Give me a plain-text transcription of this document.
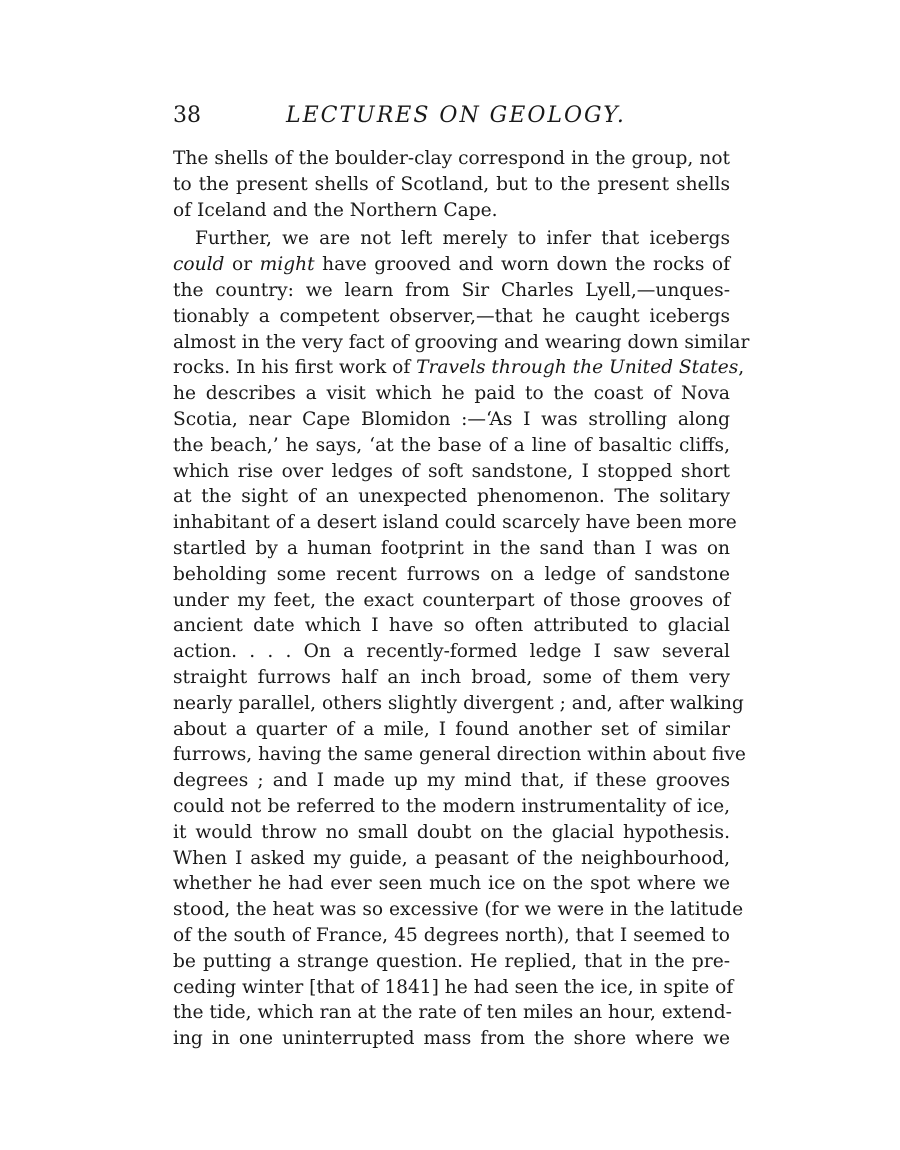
38	LECTURES ON GEOLOGY.
The shells of the boulder-clay correspond in the group, not
to the present shells of Scotland, but to the present shells
of Iceland and the Northern Cape.
Further, we are not left merely to infer that icebergs
could or might have grooved and worn down the rocks of
the country: we learn from Sir Charles Lyell,—unques-
tionably a competent observer,—that he caught icebergs
almost in the very fact of grooving and wearing down similar
rocks. In his first work of Travels through the United States,
he describes a visit which he paid to the coast of Nova
Scotia, near Cape Blomidon :—‘As I was strolling along
the beach,’ he says, ‘at the base of a line of basaltic cliffs,
which rise over ledges of soft sandstone, I stopped short
at the sight of an unexpected phenomenon. The solitary
inhabitant of a desert island could scarcely have been more
startled by a human footprint in the sand than I was on
beholding some recent furrows on a ledge of sandstone
under my feet, the exact counterpart of those grooves of
ancient date which I have so often attributed to glacial
action. . . . On a recently-formed ledge I saw several
straight furrows half an inch broad, some of them very
nearly parallel, others slightly divergent ; and, after walking
about a quarter of a mile, I found another set of similar
furrows, having the same general direction within about five
degrees ; and I made up my mind that, if these grooves
could not be referred to the modern instrumentality of ice,
it would throw no small doubt on the glacial hypothesis.
When I asked my guide, a peasant of the neighbourhood,
whether he had ever seen much ice on the spot where we
stood, the heat was so excessive (for we were in the latitude
of the south of France, 45 degrees north), that I seemed to
be putting a strange question. He replied, that in the pre-
ceding winter [that of 1841] he had seen the ice, in spite of
the tide, which ran at the rate of ten miles an hour, extend-
ing in one uninterrupted mass from the shore where we
